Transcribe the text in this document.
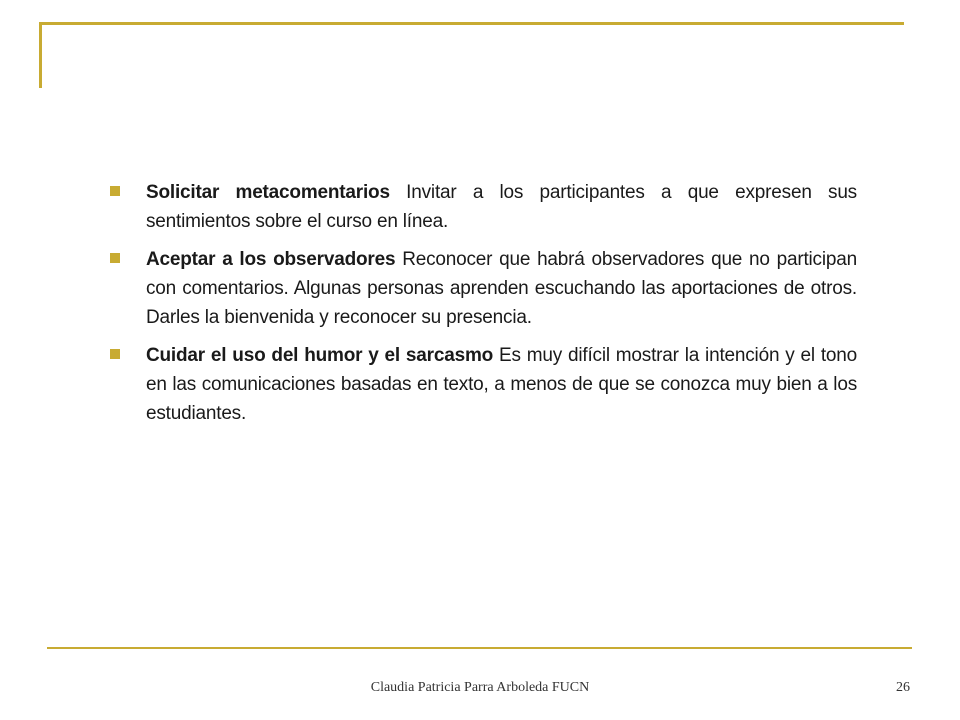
Solicitar metacomentarios Invitar a los participantes a que expresen sus sentimientos sobre el curso en línea.
Aceptar a los observadores Reconocer que habrá observadores que no participan con comentarios. Algunas personas aprenden escuchando las aportaciones de otros. Darles la bienvenida y reconocer su presencia.
Cuidar el uso del humor y el sarcasmo Es muy difícil mostrar la intención y el tono en las comunicaciones basadas en texto, a menos de que se conozca muy bien a los estudiantes.
Claudia Patricia Parra Arboleda FUCN	26
